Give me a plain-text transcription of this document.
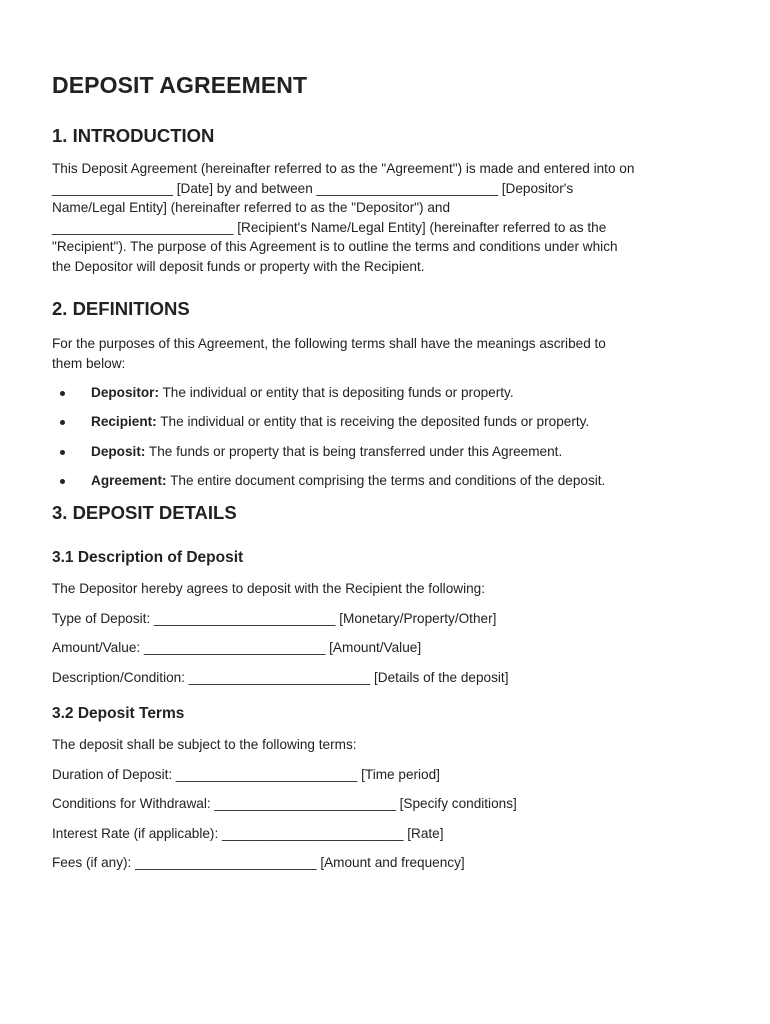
DEPOSIT AGREEMENT
1. INTRODUCTION

This Deposit Agreement (hereinafter referred to as the "Agreement") is made and entered into on

________________ [Date] by and between ________________________ [Depositor's

Name/Legal Entity] (hereinafter referred to as the "Depositor") and

________________________ [Recipient's Name/Legal Entity] (hereinafter referred to as the

"Recipient"). The purpose of this Agreement is to outline the terms and conditions under which

the Depositor will deposit funds or property with the Recipient.

2. DEFINITIONS

For the purposes of this Agreement, the following terms shall have the meanings ascribed to

them below:

Depositor: The individual or entity that is depositing funds or property.
Recipient: The individual or entity that is receiving the deposited funds or property.
Deposit: The funds or property that is being transferred under this Agreement.
Agreement: The entire document comprising the terms and conditions of the deposit.
3. DEPOSIT DETAILS
3.1 Description of Deposit

The Depositor hereby agrees to deposit with the Recipient the following:

Type of Deposit: ________________________ [Monetary/Property/Other]

Amount/Value: ________________________ [Amount/Value]

Description/Condition: ________________________ [Details of the deposit]

3.2 Deposit Terms

The deposit shall be subject to the following terms:

Duration of Deposit: ________________________ [Time period]

Conditions for Withdrawal: ________________________ [Specify conditions]

Interest Rate (if applicable): ________________________ [Rate]

Fees (if any): ________________________ [Amount and frequency]
